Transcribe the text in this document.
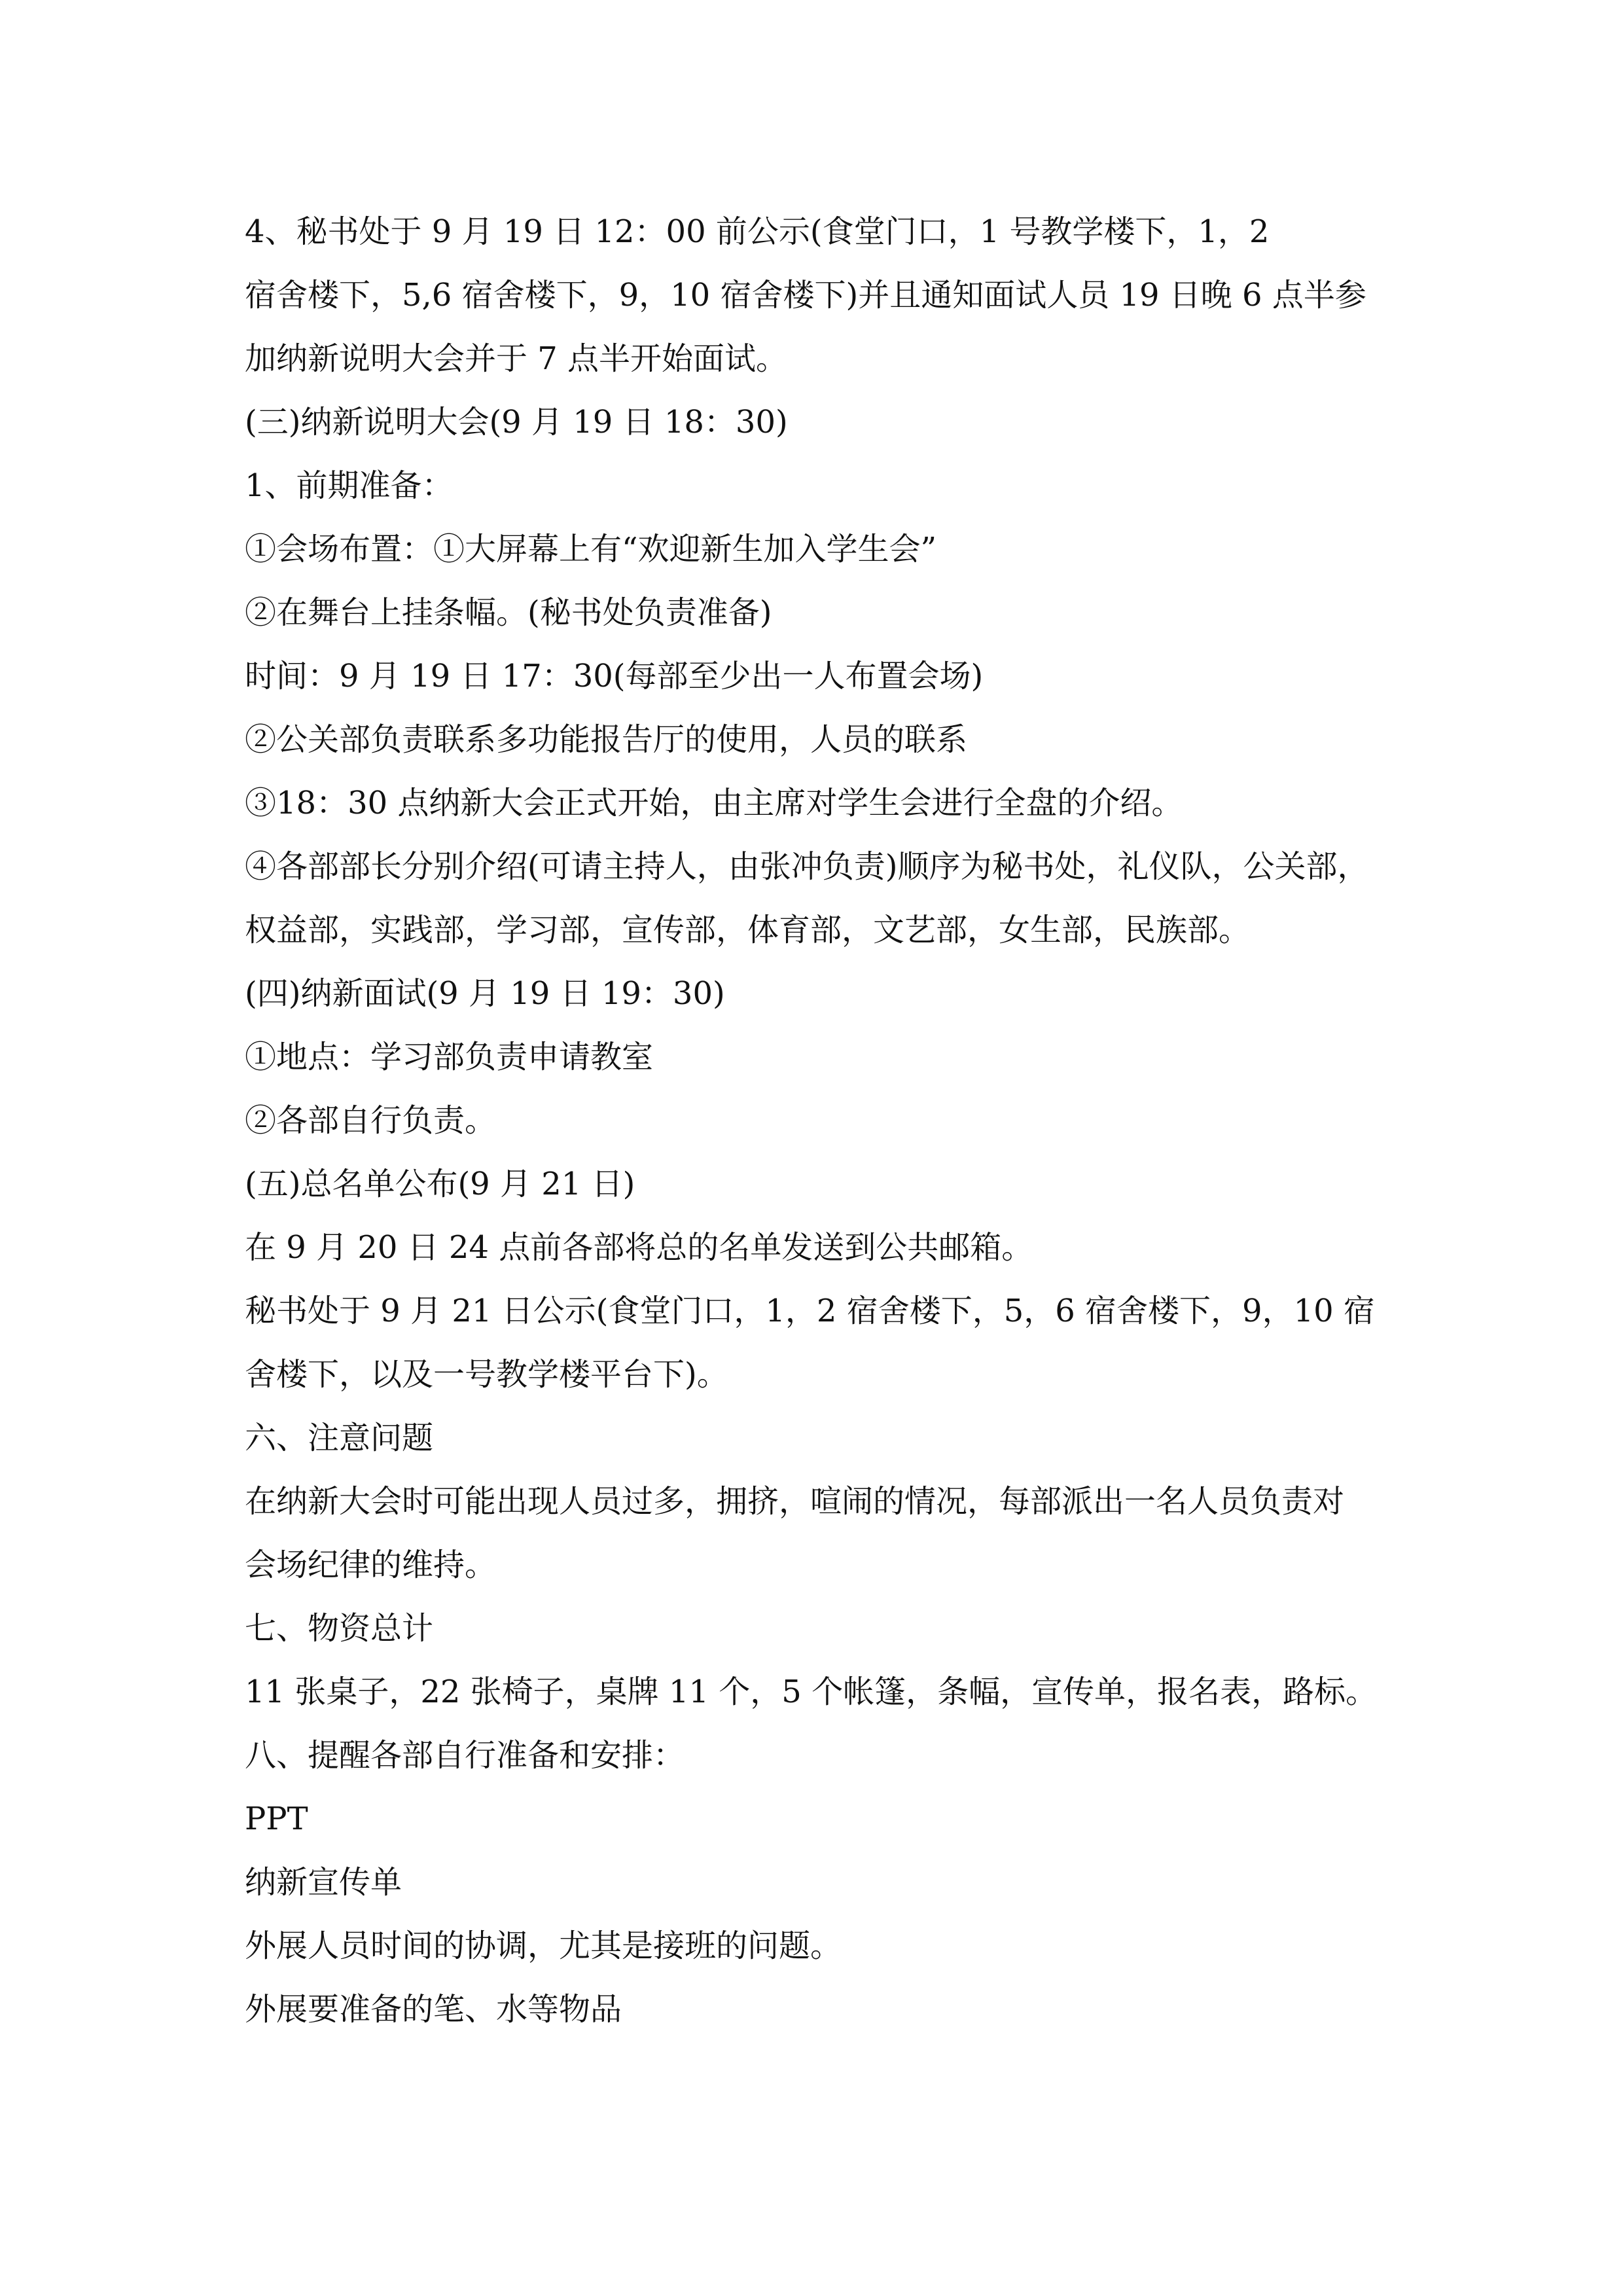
4、秘书处于 9 月 19 日 12：00 前公示(食堂门口，1 号教学楼下，1，2
宿舍楼下，5,6 宿舍楼下，9，10 宿舍楼下)并且通知面试人员 19 日晚 6 点半参
加纳新说明大会并于 7 点半开始面试。
(三)纳新说明大会(9 月 19 日 18：30)
1、前期准备：
①会场布置：①大屏幕上有“欢迎新生加入学生会”
②在舞台上挂条幅。(秘书处负责准备)
时间：9 月 19 日 17：30(每部至少出一人布置会场)
②公关部负责联系多功能报告厅的使用，人员的联系
③18：30 点纳新大会正式开始，由主席对学生会进行全盘的介绍。
④各部部长分别介绍(可请主持人，由张冲负责)顺序为秘书处，礼仪队，公关部，
权益部，实践部，学习部，宣传部，体育部，文艺部，女生部，民族部。
(四)纳新面试(9 月 19 日 19：30)
①地点：学习部负责申请教室
②各部自行负责。
(五)总名单公布(9 月 21 日)
在 9 月 20 日 24 点前各部将总的名单发送到公共邮箱。
秘书处于 9 月 21 日公示(食堂门口，1，2 宿舍楼下，5，6 宿舍楼下，9，10 宿
舍楼下，以及一号教学楼平台下)。
六、注意问题
在纳新大会时可能出现人员过多，拥挤，喧闹的情况，每部派出一名人员负责对
会场纪律的维持。
七、物资总计
11 张桌子，22 张椅子，桌牌 11 个，5 个帐篷，条幅，宣传单，报名表，路标。
八、提醒各部自行准备和安排：
PPT
纳新宣传单
外展人员时间的协调，尤其是接班的问题。
外展要准备的笔、水等物品
